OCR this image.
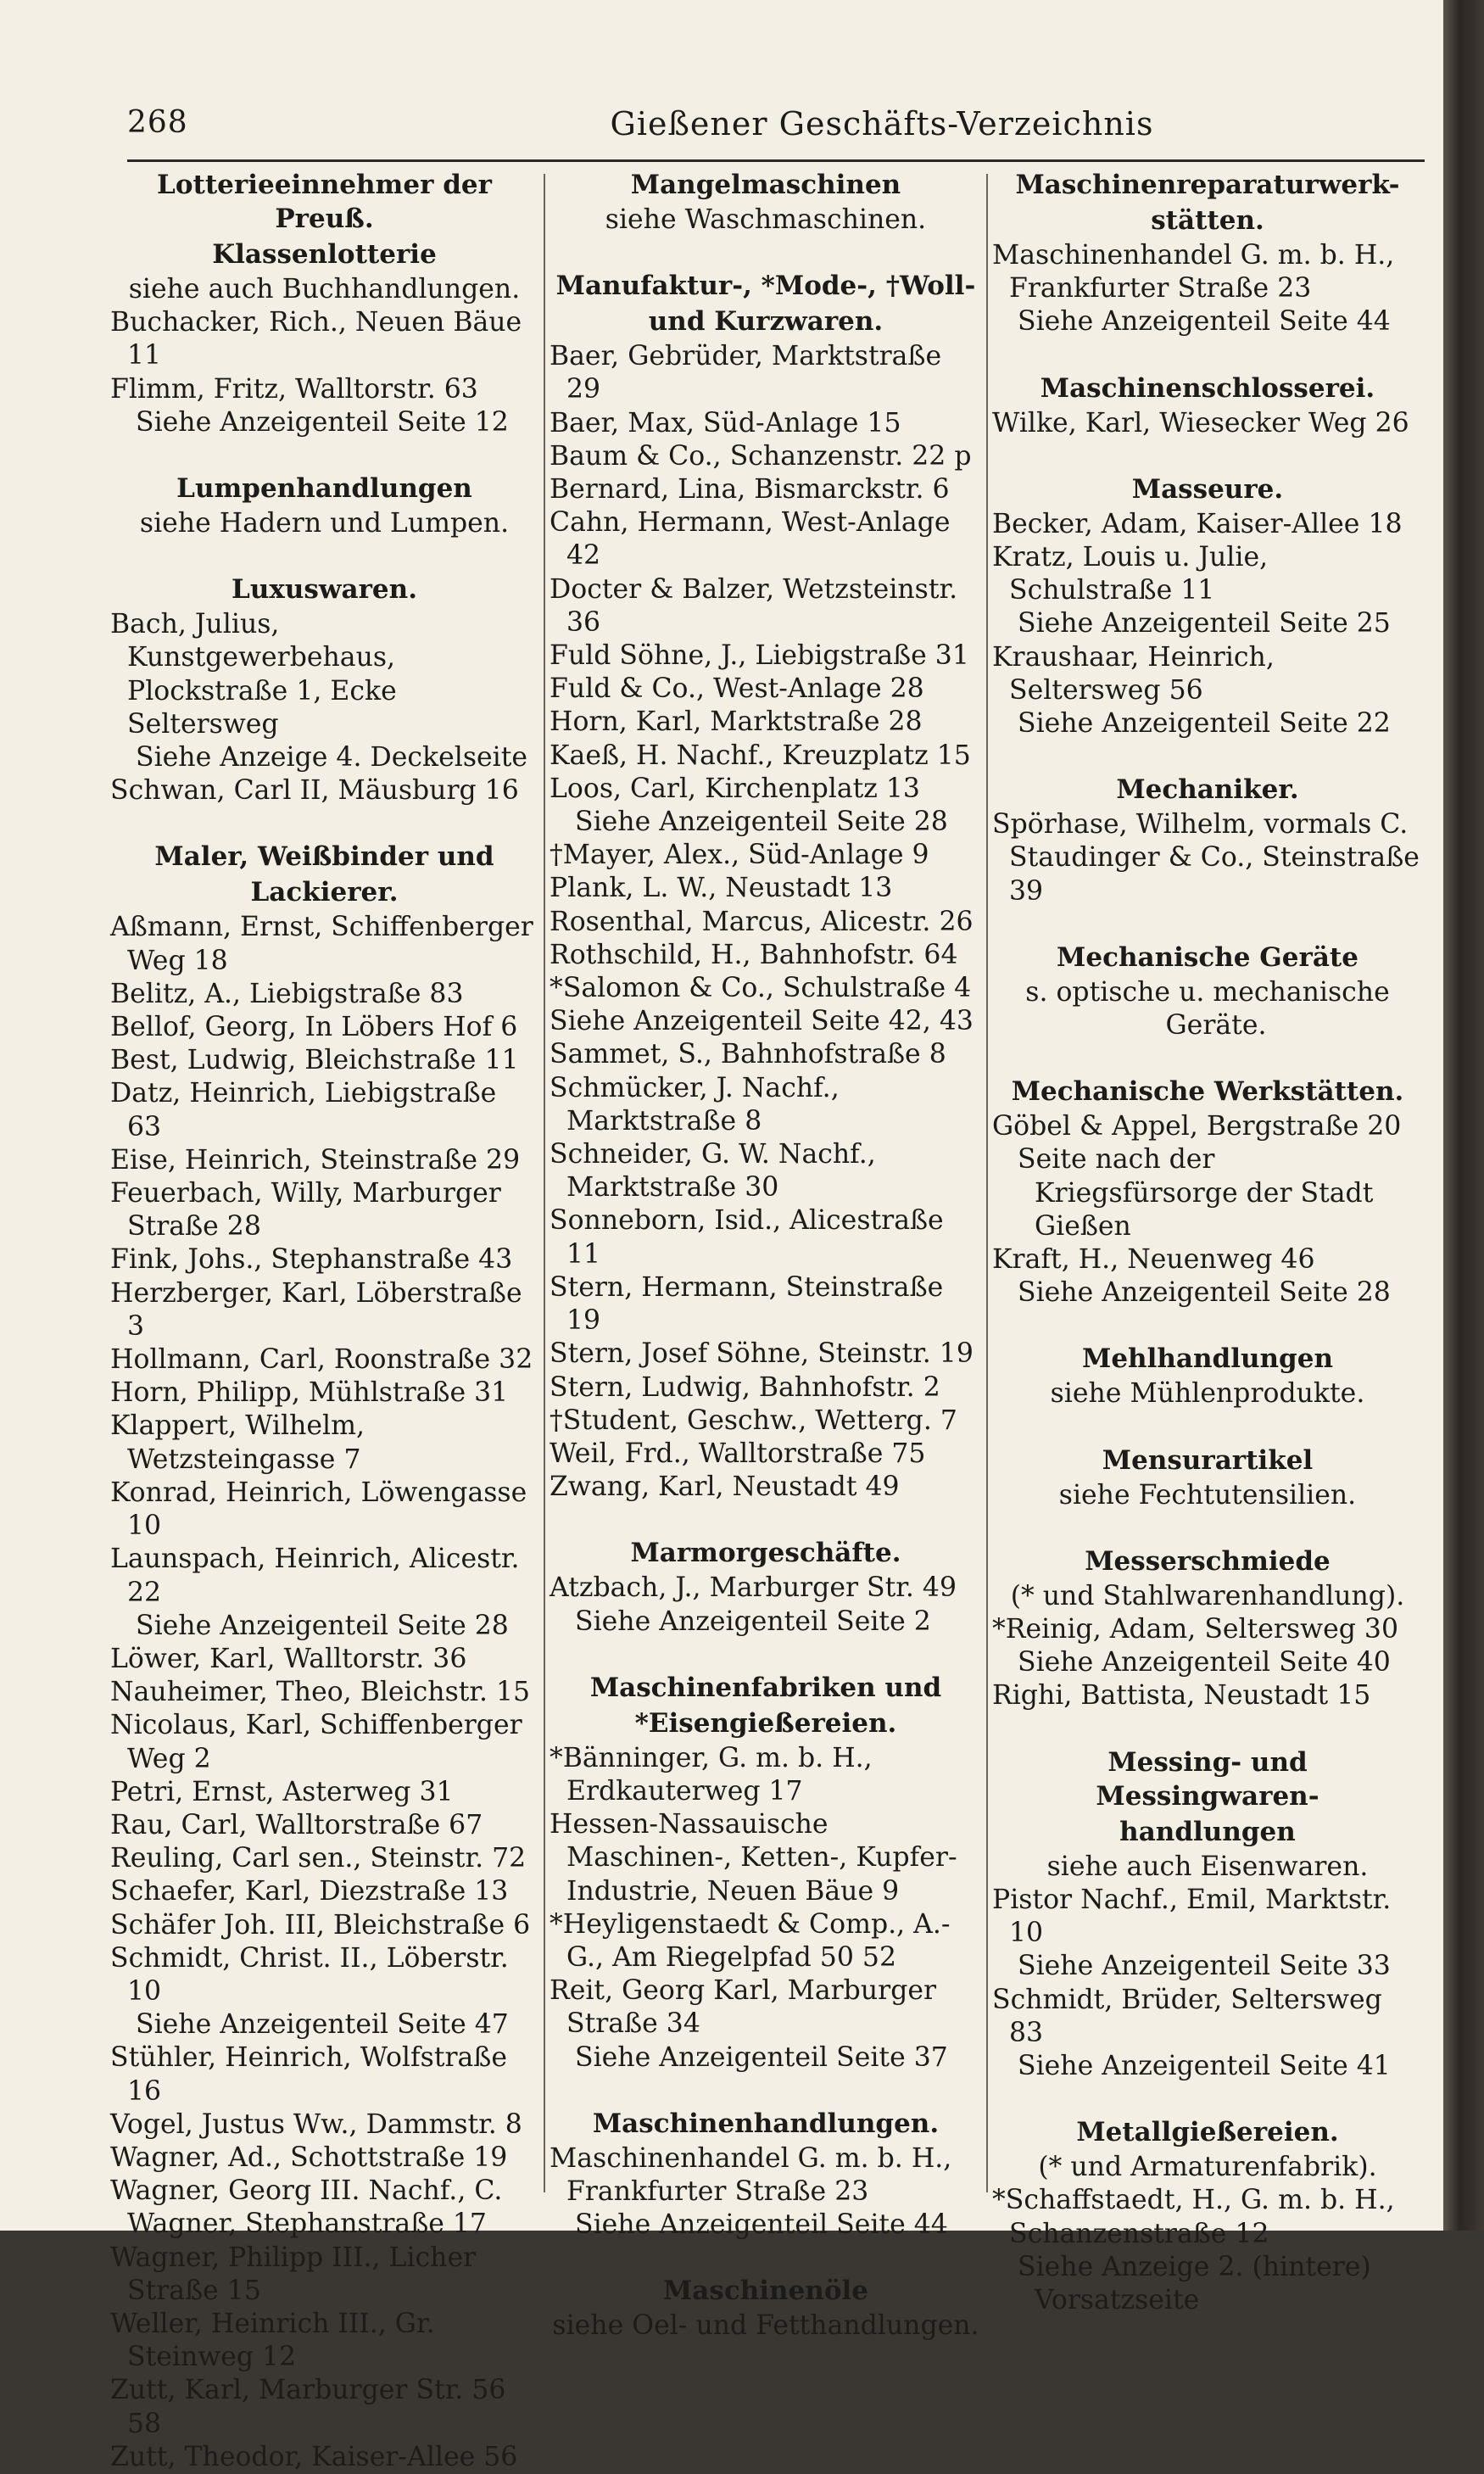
268	Gießener Geschäfts-Verzeichnis
Lotterieeinnehmer der Preuß.
Klassenlotterie
siehe auch Buchhandlungen.
Buchacker, Rich., Neuen Bäue 11
Flimm, Fritz, Walltorstr. 63
Siehe Anzeigenteil Seite 12
Lumpenhandlungen
siehe Hadern und Lumpen.
Luxuswaren.
Bach, Julius, Kunstgewerbehaus, Plockstraße 1, Ecke Seltersweg
Siehe Anzeige 4. Deckelseite
Schwan, Carl II, Mäusburg 16
Maler, Weißbinder und
Lackierer.
Aßmann, Ernst, Schiffenberger Weg 18
Belitz, A., Liebigstraße 83
Bellof, Georg, In Löbers Hof 6
Best, Ludwig, Bleichstraße 11
Datz, Heinrich, Liebigstraße 63
Eise, Heinrich, Steinstraße 29
Feuerbach, Willy, Marburger Straße 28
Fink, Johs., Stephanstraße 43
Herzberger, Karl, Löberstraße 3
Hollmann, Carl, Roonstraße 32
Horn, Philipp, Mühlstraße 31
Klappert, Wilhelm, Wetzsteingasse 7
Konrad, Heinrich, Löwengasse 10
Launspach, Heinrich, Alicestr. 22
Siehe Anzeigenteil Seite 28
Löwer, Karl, Walltorstr. 36
Nauheimer, Theo, Bleichstr. 15
Nicolaus, Karl, Schiffenberger Weg 2
Petri, Ernst, Asterweg 31
Rau, Carl, Walltorstraße 67
Reuling, Carl sen., Steinstr. 72
Schaefer, Karl, Diezstraße 13
Schäfer Joh. III, Bleichstraße 6
Schmidt, Christ. II., Löberstr. 10
Siehe Anzeigenteil Seite 47
Stühler, Heinrich, Wolfstraße 16
Vogel, Justus Ww., Dammstr. 8
Wagner, Ad., Schottstraße 19
Wagner, Georg III. Nachf., C. Wagner, Stephanstraße 17
Wagner, Philipp III., Licher Straße 15
Weller, Heinrich III., Gr. Steinweg 12
Zutt, Karl, Marburger Str. 56 58
Zutt, Theodor, Kaiser-Allee 56
Mangelmaschinen
siehe Waschmaschinen.
Manufaktur-, *Mode-, †Woll-
und Kurzwaren.
Baer, Gebrüder, Marktstraße 29
Baer, Max, Süd-Anlage 15
Baum & Co., Schanzenstr. 22 p
Bernard, Lina, Bismarckstr. 6
Cahn, Hermann, West-Anlage 42
Docter & Balzer, Wetzsteinstr. 36
Fuld Söhne, J., Liebigstraße 31
Fuld & Co., West-Anlage 28
Horn, Karl, Marktstraße 28
Kaeß, H. Nachf., Kreuzplatz 15
Loos, Carl, Kirchenplatz 13
Siehe Anzeigenteil Seite 28
†Mayer, Alex., Süd-Anlage 9
Plank, L. W., Neustadt 13
Rosenthal, Marcus, Alicestr. 26
Rothschild, H., Bahnhofstr. 64
*Salomon & Co., Schulstraße 4
Siehe Anzeigenteil Seite 42, 43
Sammet, S., Bahnhofstraße 8
Schmücker, J. Nachf., Marktstraße 8
Schneider, G. W. Nachf., Marktstraße 30
Sonneborn, Isid., Alicestraße 11
Stern, Hermann, Steinstraße 19
Stern, Josef Söhne, Steinstr. 19
Stern, Ludwig, Bahnhofstr. 2
†Student, Geschw., Wetterg. 7
Weil, Frd., Walltorstraße 75
Zwang, Karl, Neustadt 49
Marmorgeschäfte.
Atzbach, J., Marburger Str. 49
Siehe Anzeigenteil Seite 2
Maschinenfabriken und
*Eisengießereien.
*Bänninger, G. m. b. H., Erdkauterweg 17
Hessen-Nassauische Maschinen-, Ketten-, Kupfer-Industrie, Neuen Bäue 9
*Heyligenstaedt & Comp., A.-G., Am Riegelpfad 50 52
Reit, Georg Karl, Marburger Straße 34
Siehe Anzeigenteil Seite 37
Maschinenhandlungen.
Maschinenhandel G. m. b. H., Frankfurter Straße 23
Siehe Anzeigenteil Seite 44
Maschinenöle
siehe Oel- und Fetthandlungen.
Maschinenreparaturwerk-
stätten.
Maschinenhandel G. m. b. H., Frankfurter Straße 23
Siehe Anzeigenteil Seite 44
Maschinenschlosserei.
Wilke, Karl, Wiesecker Weg 26
Masseure.
Becker, Adam, Kaiser-Allee 18
Kratz, Louis u. Julie, Schulstraße 11
Siehe Anzeigenteil Seite 25
Kraushaar, Heinrich, Seltersweg 56
Siehe Anzeigenteil Seite 22
Mechaniker.
Spörhase, Wilhelm, vormals C. Staudinger & Co., Steinstraße 39
Mechanische Geräte
s. optische u. mechanische Geräte.
Mechanische Werkstätten.
Göbel & Appel, Bergstraße 20
Seite nach der Kriegsfürsorge der Stadt Gießen
Kraft, H., Neuenweg 46
Siehe Anzeigenteil Seite 28
Mehlhandlungen
siehe Mühlenprodukte.
Mensurartikel
siehe Fechtutensilien.
Messerschmiede
(* und Stahlwarenhandlung).
*Reinig, Adam, Seltersweg 30
Siehe Anzeigenteil Seite 40
Righi, Battista, Neustadt 15
Messing- und Messingwaren-
handlungen
siehe auch Eisenwaren.
Pistor Nachf., Emil, Marktstr. 10
Siehe Anzeigenteil Seite 33
Schmidt, Brüder, Seltersweg 83
Siehe Anzeigenteil Seite 41
Metallgießereien.
(* und Armaturenfabrik).
*Schaffstaedt, H., G. m. b. H., Schanzenstraße 12
Siehe Anzeige 2. (hintere) Vorsatzseite
